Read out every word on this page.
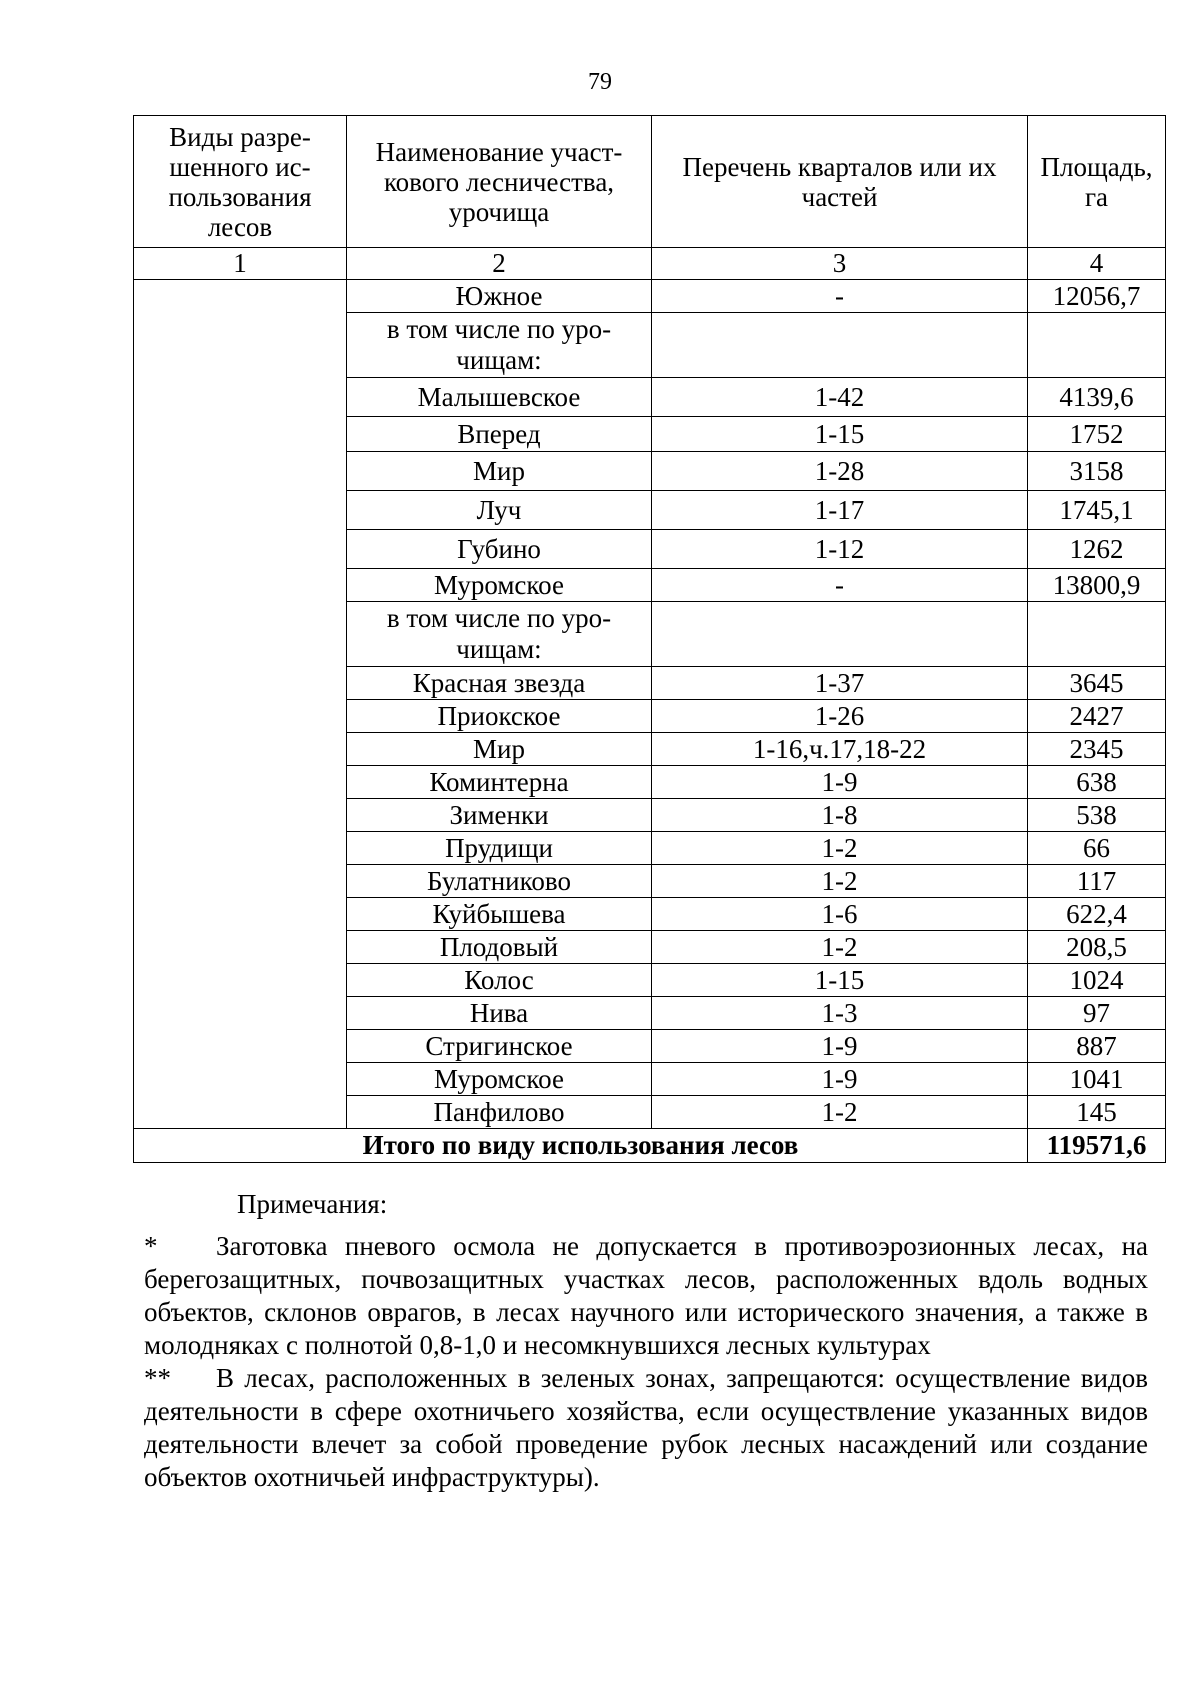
79
Виды разре-шенного ис-пользования лесов	Наименование участ-кового лесничества, урочища	Перечень кварталов или их частей	Площадь, га
1	2	3	4
	Южное	-	12056,7
	в том числе по уро-чищам:		
	Малышевское	1-42	4139,6
	Вперед	1-15	1752
	Мир	1-28	3158
	Луч	1-17	1745,1
	Губино	1-12	1262
	Муромское	-	13800,9
	в том числе по уро-чищам:		
	Красная звезда	1-37	3645
	Приокское	1-26	2427
	Мир	1-16,ч.17,18-22	2345
	Коминтерна	1-9	638
	Зименки	1-8	538
	Прудищи	1-2	66
	Булатниково	1-2	117
	Куйбышева	1-6	622,4
	Плодовый	1-2	208,5
	Колос	1-15	1024
	Нива	1-3	97
	Стригинское	1-9	887
	Муромское	1-9	1041
	Панфилово	1-2	145
Итого по виду использования лесов			119571,6
Примечания:

* Заготовка пневого осмола не допускается в противоэрозионных лесах, на берегозащитных, почвозащитных участках лесов, расположенных вдоль водных объектов, склонов оврагов, в лесах научного или исторического значения, а также в молодняках с полнотой 0,8-1,0 и несомкнувшихся лесных культурах

** В лесах, расположенных в зеленых зонах, запрещаются: осуществление видов деятельности в сфере охотничьего хозяйства, если осуществление указанных видов деятельности влечет за собой проведение рубок лесных насаждений или создание объектов охотничьей инфраструктуры).
